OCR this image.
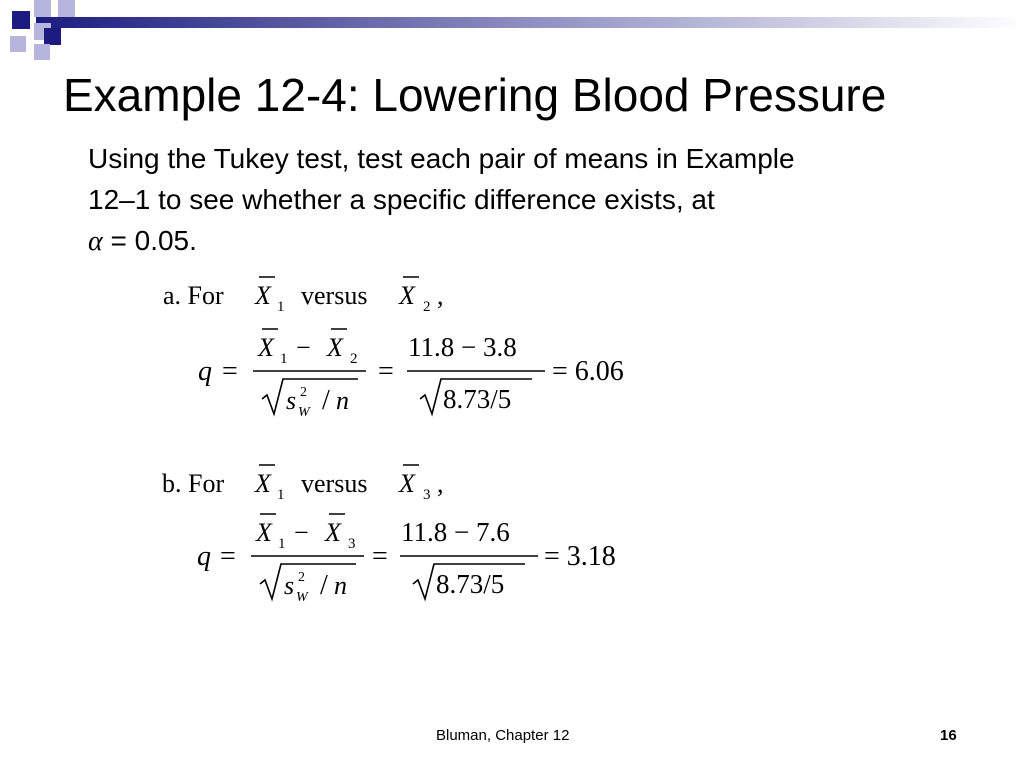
Example 12-4: Lowering Blood Pressure
Using the Tukey test, test each pair of means in Example
12–1 to see whether a specific difference exists, at
α = 0.05.
a. For X 1 versus X 2 ,
q =
X 1 − X 2
s 2
W / n
=
11.8 − 3.8
8.73/5
= 6.06
b. For X 1 versus X 3 ,
q =
X 1 − X 3
s 2
W / n
=
11.8 − 7.6
8.73/5
= 3.18
Bluman, Chapter 12	16
